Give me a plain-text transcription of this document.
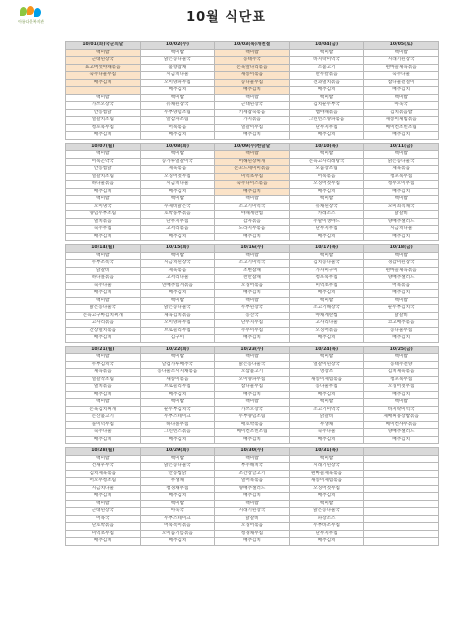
아름다운복지관	10월 식단표
10/01(화)국군의날	10/02(수)	10/03(목)개천절	10/04(금)	10/05(토)
백미밥	백미밥	백미밥	백미밥	백미밥
근대된장국	맑은콩나물국	동태주국	바지락미역국	시래기된장국
표고버섯야채볶음	불향잡채	돈육앞다리볶음	소불고기	편마늘제육볶음
숙주나물무침	시금치나물	새송이볶음	만두칼볶음	숙주나물
배추김치	오이양파무침	콩나물무침	견과멸치볶음	참나물겉절이
	배추김치	배추김치	배추김치	배추김치
백미밥	백미밥	백미밥	백미밥	백미밥
가쓰오장국	유채된장국	근대된장국	김치순두부국	아욱국
안동찜닭	두부양념조림	키세잡숙볶음	햄야채볶음	김치볶음밥
얼갈치조림	알감자조림	가지볶음	그린빈스양파볶음	새송이제빔볶음
청포묵무침	어묵볶음	얼갈이무침	단무지무침	베이컨조빈조림
배추김치	배추김치	배추김치	배추김치	배추김치

10/07(월)	10/08(화)	10/09(수)한글날	10/10(목)	10/11(금)
백미밥	백미밥	백미밥	백미밥	백미밥
어묵곤약국	콩가루얼갈이국	어해된장찌개	돈육고사리레탕국	맑은콩나물국
안동찜닭	제육볶음	돈꼬드세미미볶음	모둠장조림	제육볶음
얼갈치조림	오징어젓무침	미역초무침	어묵볶음	청포묵무침
하나물볶음	시금치나물	숙주나이스볶음	오징어젓무침	청무오이무침
배추김치	배추김치	배추김치	배추김치	배추김치
백미밥	백미밥	백미밥	백미밥	백미밥
오이냉국	수제비맑은국	소고기미역국	유채된장국	모미쇠직채국
양념두부조림	호박풍부볶음	야채계란찜	카레소스	닭갈비
열치볶음	단무지무침	감자볶음	주말이생야드	양배추샐러드
숙주무침	고서리볶음	도라지무볶음	단무지무침	시금치나물
배추김치	배추김치	배추김치	배추김치	배추김치

10/14(월)	10/15(화)	10/16(수)	10/17(목)	10/18(금)
백미밥	백미밥	백미밥	백미밥	백미밥
두부조폭국	시금치된장국	소고기미역국	김치콩나물국	경감미된장국
닭갈비	제육볶음	조변잡채	가자미구이	편마늘제육볶음
하나볼볶음	고서리나물	찬만잡채	청포묵무침	양배추샐러드
숙주나물	연배추힘겨볶음	오징어볶음	미역초무침	어묵볶음
배추김치	배추김치	배추김치	배추김치	배추김치
백미밥	백미밥	백미밥	백미밥	백미밥
맑은콩나물국	맑은콩나물국	두부된장국	소고기해장국	순두부김치국
돈육고구마김치찌개	제육김치볶음	동산국	야채계란찜	닭갈비
고사리볶음	오이양파무침	단무지무침	고사리나물	코고배추볶음
간장멸치볶음	브로콜리무침	주무이무침	오징어볶음	콩나물무침
배추김치	김구이	배추김치	배추김치	배추김치

10/21(월)	10/22(화)	10/23(수)	10/24(목)	10/25(금)
백미밥	백미밥	백미밥	백미밥	백미밥
두부김치국	날겁가루배추국	맑은콩나물국	얼갈이된장국	동태주전양
제육볶음	콩나물소시지채볶음	오삼불고기	영장조	김치제육볶음
얼갈작조림	새송이볶음	오이양파무침	새송이제빔볶음	청포묵무침
열치볶음	브로콜리무침	참나물무침	콩나물무침	오징어젓무침
배추김치	배추김치	배추김치	배추김치	배추김치
백미밥	백미밥	백미밥	백미밥	백미밥
돈육김치찌개	순두부김치국	가쓰오장국	소고기미역국	바지락미역국
돈산불고기	두부스테이크	두부양념조림	닭갈비	제배찌뭉장밥볶음
돌이덕무침	하나볼무침	애호박볶음	무생채	베이컨샤무볶음
숙주나물	그린빈스볶음	베이컨조빈조림	숙주나물	양배추샐러드
배추김치	배추김치	배추김치	배추김치	배추김치

10/28(월)	10/29(화)	10/30(수)	10/31(목)	
백미밥	백미밥	백미밥	백미밥	
건새우무국	맑은콩나물국	부주해치국	시래기된장국	
김치제육볶음	안동찜닭	조간장글고기	편마늘제육볶음	
어오무청조림	무생채	얼어묵볶음	새송이제빔볶음	
시금치나물	청경채무침	양배추샐러드	오징어젓무침	
배추김치	배추김치	배추김치	배추김치	
백미밥	백미밥	백미밥	백미밥	
근대된장국	아욱국	시래기된장국	맑은콩나물국	
어목국	두부스테이크	닭갈비	파장소스	
단호박볶음	어묵복이볶음	오징어볶음	두부바조무침	
미역초무침	오이듬기름볶음	청경채무침	단무지무침	
배추김치	배추김치	배추김치	배추김치	
